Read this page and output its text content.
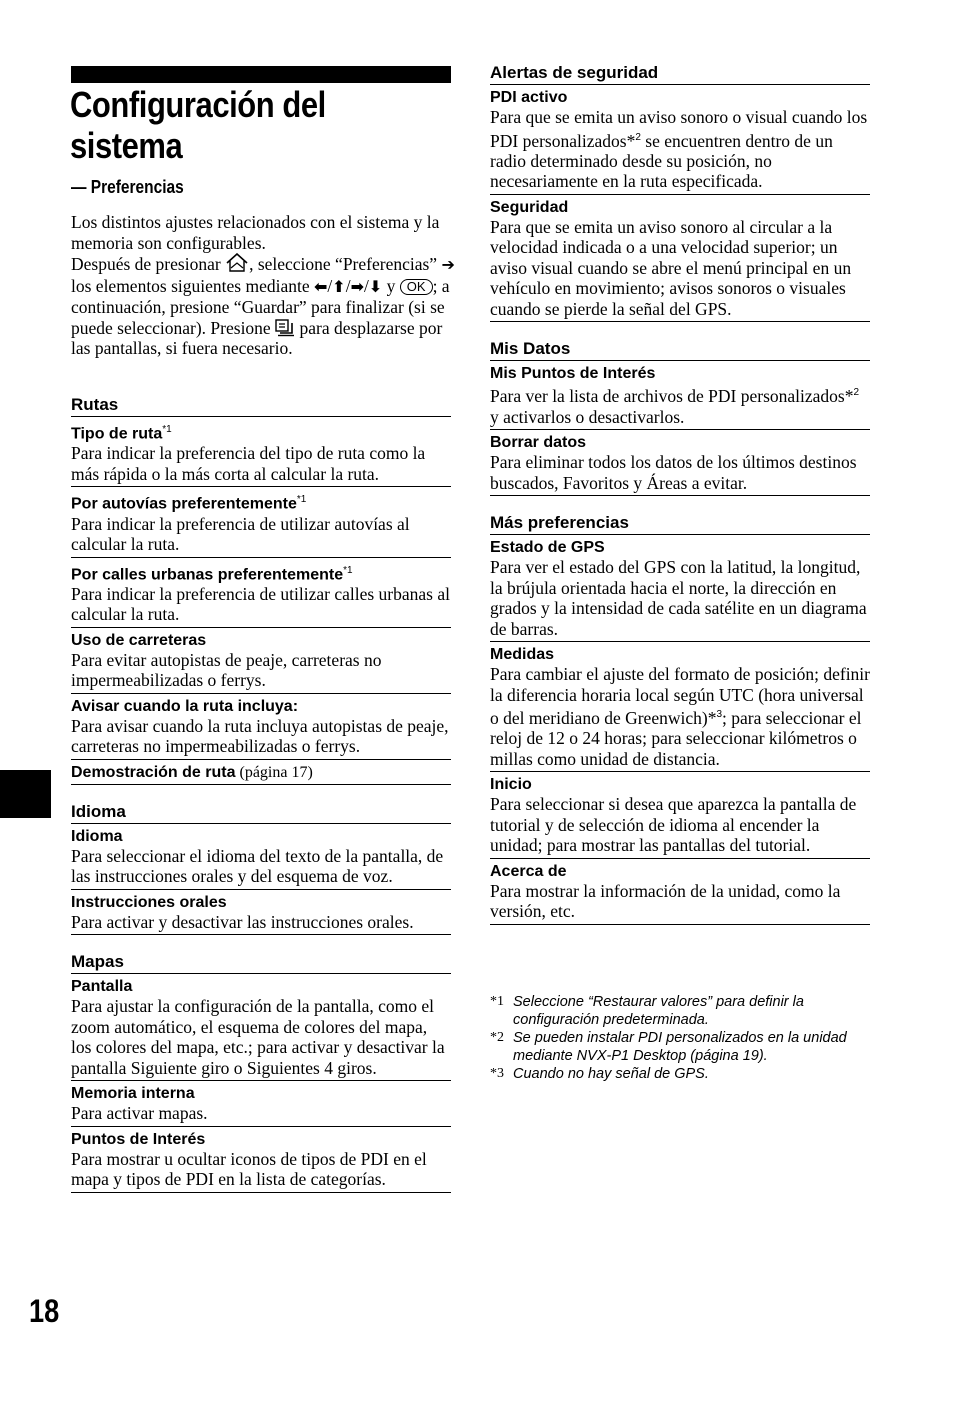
Configuración del sistema
— Preferencias

Los distintos ajustes relacionados con el sistema y la memoria son configurables.

Después de presionar , seleccione “Preferencias” ➔ los elementos siguientes mediante ⬅/⬆/➡/⬇ y OK ; a continuación, presione “Guardar” para finalizar (si se puede seleccionar). Presione  para desplazarse por las pantallas, si fuera necesario.

Rutas
Tipo de ruta$^{*1}$
Para indicar la preferencia del tipo de ruta como la más rápida o la más corta al calcular la ruta.
Por autovías preferentemente$^{*1}$
Para indicar la preferencia de utilizar autovías al calcular la ruta.
Por calles urbanas preferentemente$^{*1}$
Para indicar la preferencia de utilizar calles urbanas al calcular la ruta.
Uso de carreteras
Para evitar autopistas de peaje, carreteras no impermeabilizadas o ferrys.
Avisar cuando la ruta incluya:
Para avisar cuando la ruta incluya autopistas de peaje, carreteras no impermeabilizadas o ferrys.
Demostración de ruta (página 17)
Idioma
Idioma
Para seleccionar el idioma del texto de la pantalla, de las instrucciones orales y del esquema de voz.
Instrucciones orales
Para activar y desactivar las instrucciones orales.
Mapas
Pantalla
Para ajustar la configuración de la pantalla, como el zoom automático, el esquema de colores del mapa, los colores del mapa, etc.; para activar y desactivar la pantalla Siguiente giro o Siguientes 4 giros.
Memoria interna
Para activar mapas.
Puntos de Interés
Para mostrar u ocultar iconos de tipos de PDI en el mapa y tipos de PDI en la lista de categorías.
Alertas de seguridad
PDI activo
Para que se emita un aviso sonoro o visual cuando los PDI personalizados*$^2$ se encuentren dentro de un radio determinado desde su posición, no necesariamente en la ruta especificada.
Seguridad
Para que se emita un aviso sonoro al circular a la velocidad indicada o a una velocidad superior; un aviso visual cuando se abre el menú principal en un vehículo en movimiento; avisos sonoros o visuales cuando se pierde la señal del GPS.
Mis Datos
Mis Puntos de Interés
Para ver la lista de archivos de PDI personalizados*$^2$ y activarlos o desactivarlos.
Borrar datos
Para eliminar todos los datos de los últimos destinos buscados, Favoritos y Áreas a evitar.
Más preferencias
Estado de GPS
Para ver el estado del GPS con la latitud, la longitud, la brújula orientada hacia el norte, la dirección en grados y la intensidad de cada satélite en un diagrama de barras.
Medidas
Para cambiar el ajuste del formato de posición; definir la diferencia horaria local según UTC (hora universal o del meridiano de Greenwich)*$^3$; para seleccionar el reloj de 12 o 24 horas; para seleccionar kilómetros o millas como unidad de distancia.
Inicio
Para seleccionar si desea que aparezca la pantalla de tutorial y de selección de idioma al encender la unidad; para mostrar las pantallas del tutorial.
Acerca de
Para mostrar la información de la unidad, como la versión, etc.
*1 Seleccione “Restaurar valores” para definir la configuración predeterminada.
*2 Se pueden instalar PDI personalizados en la unidad mediante NVX-P1 Desktop (página 19).
*3 Cuando no hay señal de GPS.
18
